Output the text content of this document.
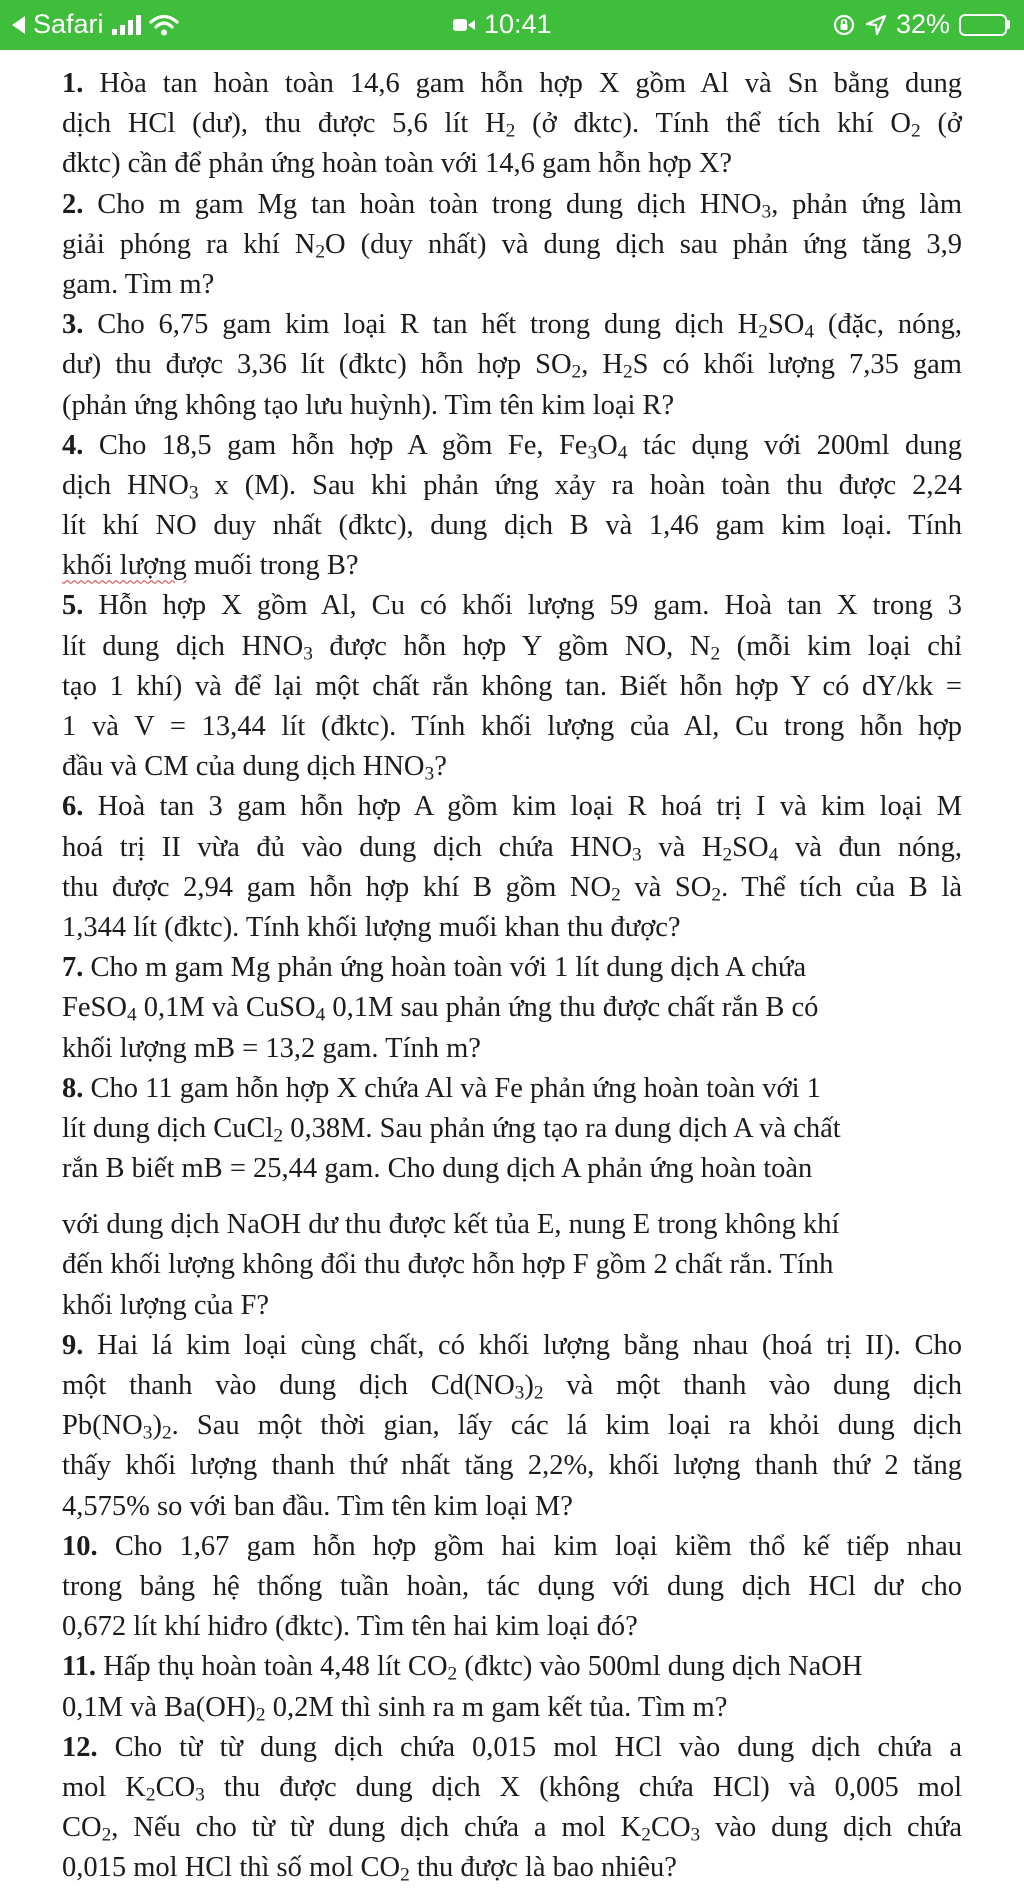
Safari	10:41	32%
1. Hòa tan hoàn toàn 14,6 gam hỗn hợp X gồm Al và Sn bằng dung
dịch HCl (dư), thu được 5,6 lít $H_2$ (ở đktc). Tính thể tích khí $O_2$ (ở
đktc) cần để phản ứng hoàn toàn với 14,6 gam hỗn hợp X?
2. Cho m gam Mg tan hoàn toàn trong dung dịch $HNO_3$, phản ứng làm
giải phóng ra khí $N_2O$ (duy nhất) và dung dịch sau phản ứng tăng 3,9
gam. Tìm m?
3. Cho 6,75 gam kim loại R tan hết trong dung dịch $H_2SO_4$ (đặc, nóng,
dư) thu được 3,36 lít (đktc) hỗn hợp $SO_2$, $H_2S$ có khối lượng 7,35 gam
(phản ứng không tạo lưu huỳnh). Tìm tên kim loại R?
4. Cho 18,5 gam hỗn hợp A gồm Fe, $Fe_3O_4$ tác dụng với 200ml dung
dịch $HNO_3$ x (M). Sau khi phản ứng xảy ra hoàn toàn thu được 2,24
lít khí NO duy nhất (đktc), dung dịch B và 1,46 gam kim loại. Tính
khối lượng muối trong B?
5. Hỗn hợp X gồm Al, Cu có khối lượng 59 gam. Hoà tan X trong 3
lít dung dịch $HNO_3$ được hỗn hợp Y gồm NO, $N_2$ (mỗi kim loại chỉ
tạo 1 khí) và để lại một chất rắn không tan. Biết hỗn hợp Y có dY/kk =
1 và V = 13,44 lít (đktc). Tính khối lượng của Al, Cu trong hỗn hợp
đầu và CM của dung dịch $HNO_3$?
6. Hoà tan 3 gam hỗn hợp A gồm kim loại R hoá trị I và kim loại M
hoá trị II vừa đủ vào dung dịch chứa $HNO_3$ và $H_2SO_4$ và đun nóng,
thu được 2,94 gam hỗn hợp khí B gồm $NO_2$ và $SO_2$. Thể tích của B là
1,344 lít (đktc). Tính khối lượng muối khan thu được?
7. Cho m gam Mg phản ứng hoàn toàn với 1 lít dung dịch A chứa
FeSO$_4$ 0,1M và CuSO$_4$ 0,1M sau phản ứng thu được chất rắn B có
khối lượng mB = 13,2 gam. Tính m?
8. Cho 11 gam hỗn hợp X chứa Al và Fe phản ứng hoàn toàn với 1
lít dung dịch CuCl$_2$ 0,38M. Sau phản ứng tạo ra dung dịch A và chất
rắn B biết mB = 25,44 gam. Cho dung dịch A phản ứng hoàn toàn
với dung dịch NaOH dư thu được kết tủa E, nung E trong không khí
đến khối lượng không đổi thu được hỗn hợp F gồm 2 chất rắn. Tính
khối lượng của F?
9. Hai lá kim loại cùng chất, có khối lượng bằng nhau (hoá trị II). Cho
một thanh vào dung dịch $Cd(NO_3)_2$ và một thanh vào dung dịch
$Pb(NO_3)_2$. Sau một thời gian, lấy các lá kim loại ra khỏi dung dịch
thấy khối lượng thanh thứ nhất tăng 2,2%, khối lượng thanh thứ 2 tăng
4,575% so với ban đầu. Tìm tên kim loại M?
10. Cho 1,67 gam hỗn hợp gồm hai kim loại kiềm thổ kế tiếp nhau
trong bảng hệ thống tuần hoàn, tác dụng với dung dịch HCl dư cho
0,672 lít khí hiđro (đktc). Tìm tên hai kim loại đó?
11. Hấp thụ hoàn toàn 4,48 lít $CO_2$ (đktc) vào 500ml dung dịch NaOH
0,1M và $Ba(OH)_2$ 0,2M thì sinh ra m gam kết tủa. Tìm m?
12. Cho từ từ dung dịch chứa 0,015 mol HCl vào dung dịch chứa a
mol $K_2CO_3$ thu được dung dịch X (không chứa HCl) và 0,005 mol
$CO_2$, Nếu cho từ từ dung dịch chứa a mol $K_2CO_3$ vào dung dịch chứa
0,015 mol HCl thì số mol $CO_2$ thu được là bao nhiêu?
